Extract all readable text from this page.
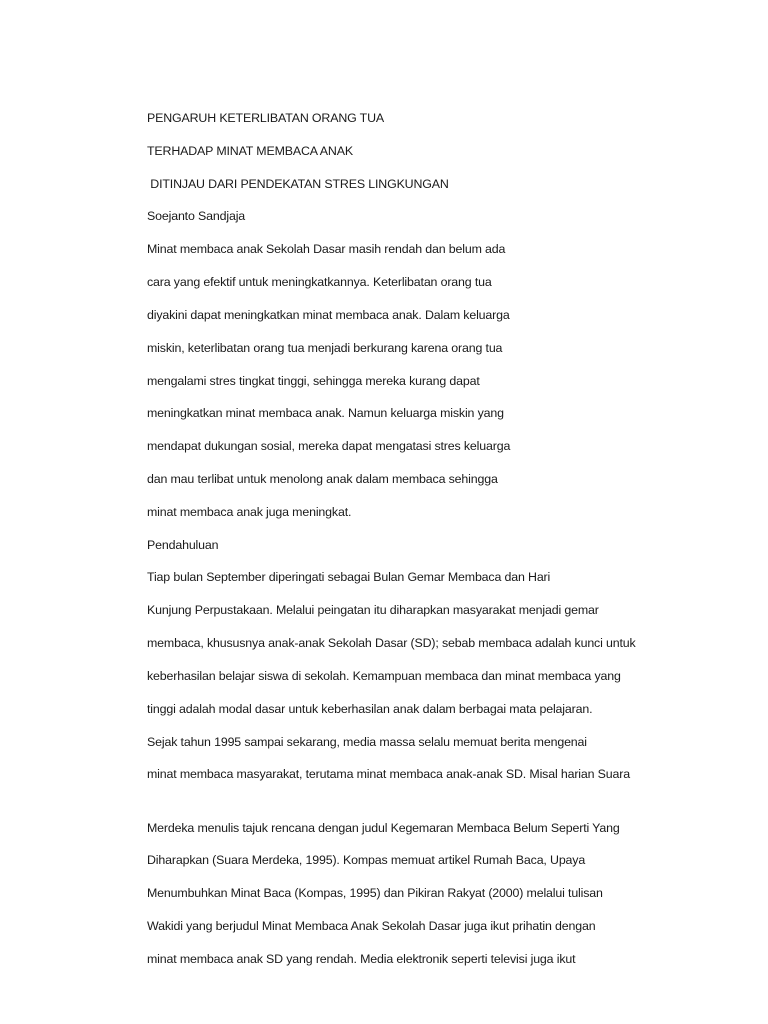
PENGARUH KETERLIBATAN ORANG TUA
TERHADAP MINAT MEMBACA ANAK
DITINJAU DARI PENDEKATAN STRES LINGKUNGAN
Soejanto Sandjaja
Minat membaca anak Sekolah Dasar masih rendah dan belum ada
cara yang efektif untuk meningkatkannya. Keterlibatan orang tua
diyakini dapat meningkatkan minat membaca anak. Dalam keluarga
miskin, keterlibatan orang tua menjadi berkurang karena orang tua
mengalami stres tingkat tinggi, sehingga mereka kurang dapat
meningkatkan minat membaca anak. Namun keluarga miskin yang
mendapat dukungan sosial, mereka dapat mengatasi stres keluarga
dan mau terlibat untuk menolong anak dalam membaca sehingga
minat membaca anak juga meningkat.
Pendahuluan
Tiap bulan September diperingati sebagai Bulan Gemar Membaca dan Hari
Kunjung Perpustakaan. Melalui peingatan itu diharapkan masyarakat menjadi gemar
membaca, khususnya anak-anak Sekolah Dasar (SD); sebab membaca adalah kunci untuk
keberhasilan belajar siswa di sekolah. Kemampuan membaca dan minat membaca yang
tinggi adalah modal dasar untuk keberhasilan anak dalam berbagai mata pelajaran.
Sejak tahun 1995 sampai sekarang, media massa selalu memuat berita mengenai
minat membaca masyarakat, terutama minat membaca anak-anak SD. Misal harian Suara
Merdeka menulis tajuk rencana dengan judul Kegemaran Membaca Belum Seperti Yang
Diharapkan (Suara Merdeka, 1995). Kompas memuat artikel Rumah Baca, Upaya
Menumbuhkan Minat Baca (Kompas, 1995) dan Pikiran Rakyat (2000) melalui tulisan
Wakidi yang berjudul Minat Membaca Anak Sekolah Dasar juga ikut prihatin dengan
minat membaca anak SD yang rendah. Media elektronik seperti televisi juga ikut
